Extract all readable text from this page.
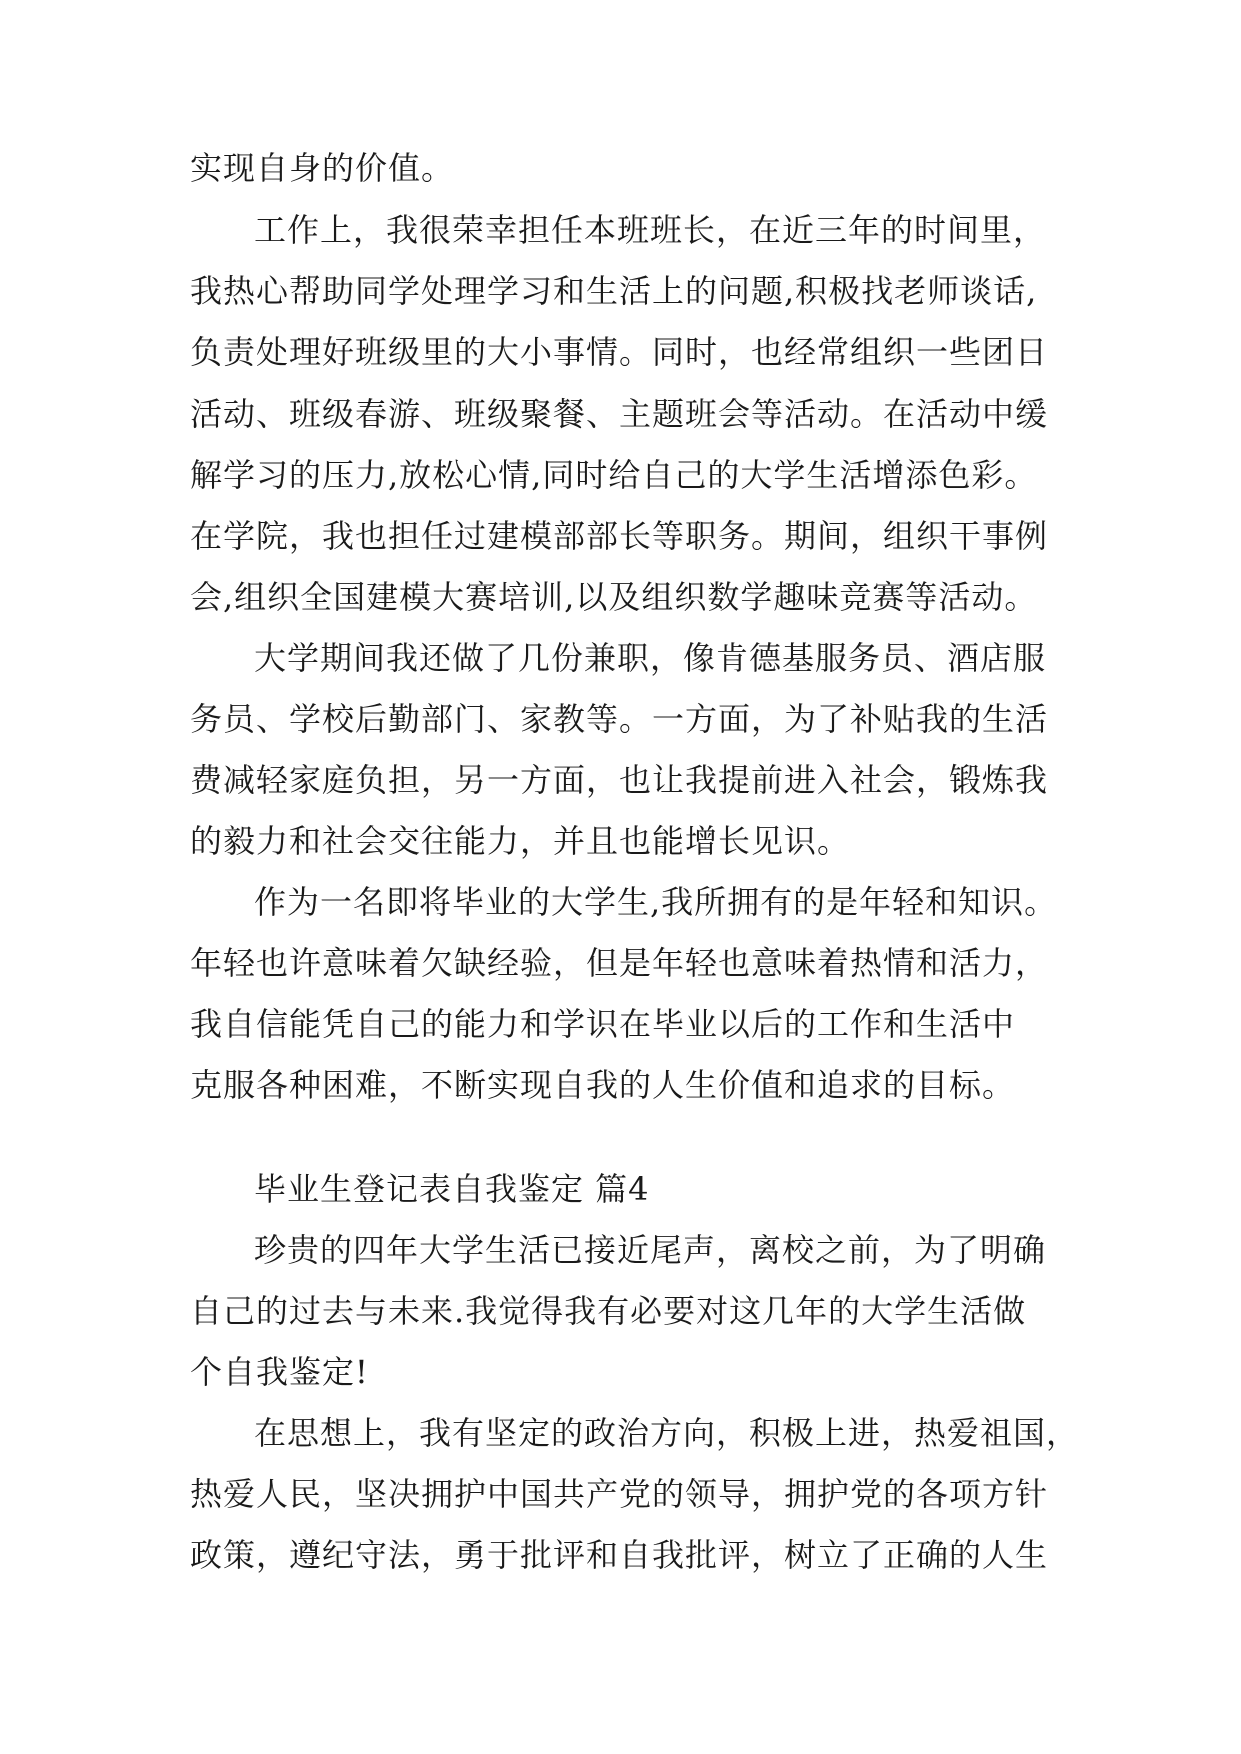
实现自身的价值。
工作上，我很荣幸担任本班班长，在近三年的时间里，
我热心帮助同学处理学习和生活上的问题,积极找老师谈话,
负责处理好班级里的大小事情。同时，也经常组织一些团日
活动、班级春游、班级聚餐、主题班会等活动。在活动中缓
解学习的压力,放松心情,同时给自己的大学生活增添色彩。
在学院，我也担任过建模部部长等职务。期间，组织干事例
会,组织全国建模大赛培训,以及组织数学趣味竞赛等活动。
大学期间我还做了几份兼职，像肯德基服务员、酒店服
务员、学校后勤部门、家教等。一方面，为了补贴我的生活
费减轻家庭负担，另一方面，也让我提前进入社会，锻炼我
的毅力和社会交往能力，并且也能增长见识。
作为一名即将毕业的大学生,我所拥有的是年轻和知识。
年轻也许意味着欠缺经验，但是年轻也意味着热情和活力，
我自信能凭自己的能力和学识在毕业以后的工作和生活中
克服各种困难，不断实现自我的人生价值和追求的目标。
毕业生登记表自我鉴定 篇4
珍贵的四年大学生活已接近尾声，离校之前，为了明确
自己的过去与未来.我觉得我有必要对这几年的大学生活做
个自我鉴定!
在思想上，我有坚定的政治方向，积极上进，热爱祖国，
热爱人民，坚决拥护中国共产党的领导，拥护党的各项方针
政策，遵纪守法，勇于批评和自我批评，树立了正确的人生
